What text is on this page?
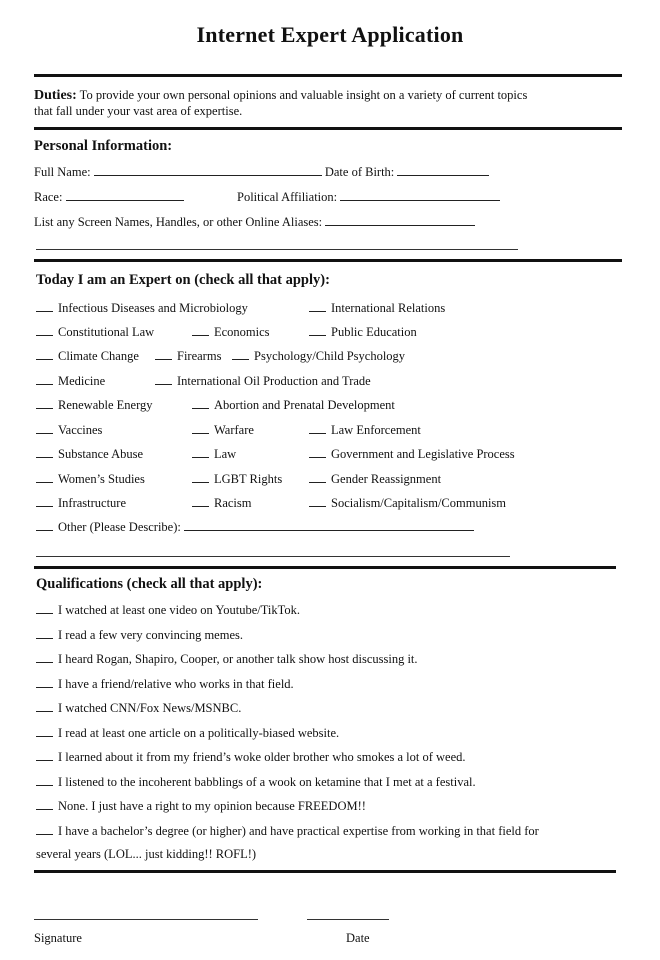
Internet Expert Application
Duties: To provide your own personal opinions and valuable insight on a variety of current topics
that fall under your vast area of expertise.
Personal Information:
Full Name:	Date of Birth:
Race:	Political Affiliation:
List any Screen Names, Handles, or other Online Aliases:
Today I am an Expert on (check all that apply):
Infectious Diseases and Microbiology	International Relations
Constitutional Law	Economics	Public Education
Climate Change	Firearms	Psychology/Child Psychology
Medicine	International Oil Production and Trade
Renewable Energy	Abortion and Prenatal Development
Vaccines	Warfare	Law Enforcement
Substance Abuse	Law	Government and Legislative Process
Women’s Studies	LGBT Rights	Gender Reassignment
Infrastructure	Racism	Socialism/Capitalism/Communism
Other (Please Describe):
Qualifications (check all that apply):
I watched at least one video on Youtube/TikTok.
I read a few very convincing memes.
I heard Rogan, Shapiro, Cooper, or another talk show host discussing it.
I have a friend/relative who works in that field.
I watched CNN/Fox News/MSNBC.
I read at least one article on a politically-biased website.
I learned about it from my friend’s woke older brother who smokes a lot of weed.
I listened to the incoherent babblings of a wook on ketamine that I met at a festival.
None. I just have a right to my opinion because FREEDOM!!
I have a bachelor’s degree (or higher) and have practical expertise from working in that field for
several years (LOL... just kidding!! ROFL!)
Signature	Date
